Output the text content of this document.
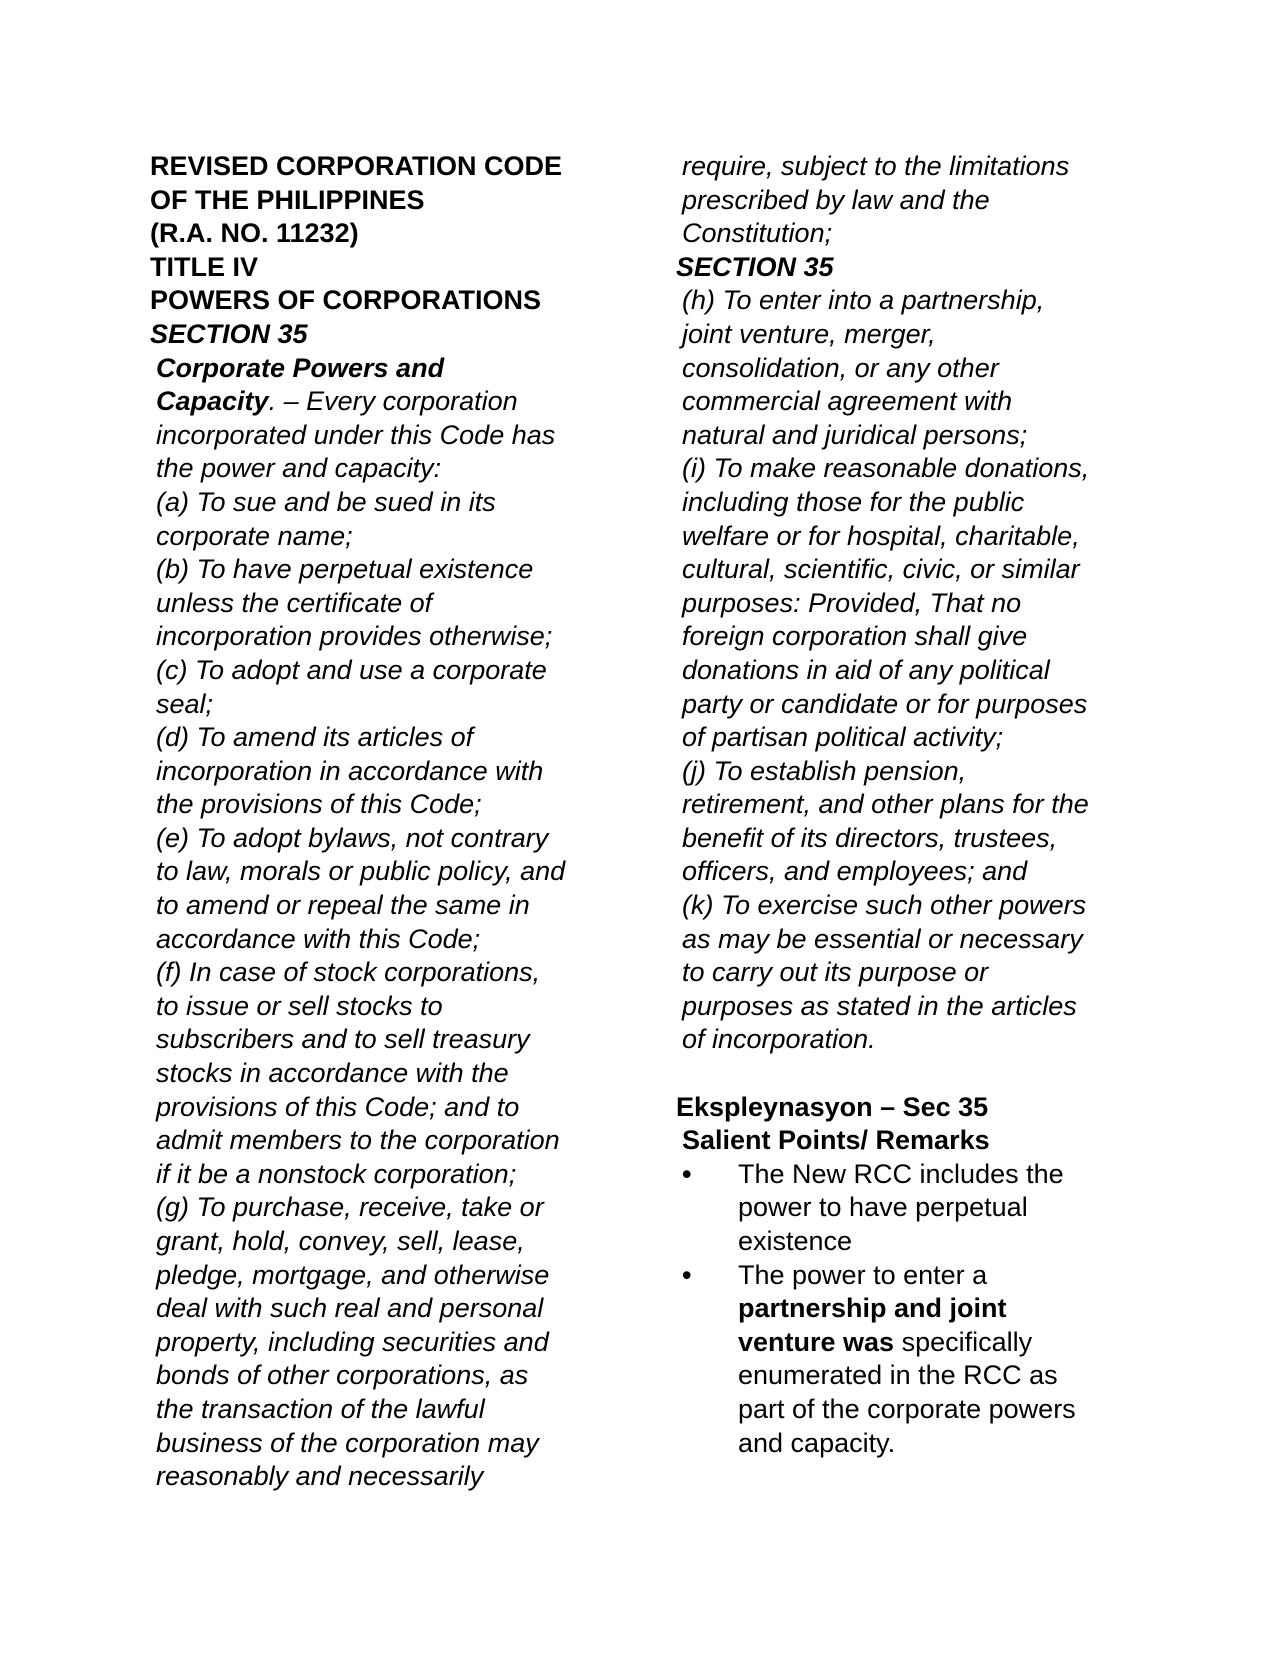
REVISED CORPORATION CODE
OF THE PHILIPPINES
(R.A. NO. 11232)
TITLE IV
POWERS OF CORPORATIONS
SECTION 35
Corporate Powers and
Capacity. – Every corporation
incorporated under this Code has
the power and capacity:
(a) To sue and be sued in its
corporate name;
(b) To have perpetual existence
unless the certificate of
incorporation provides otherwise;
(c) To adopt and use a corporate
seal;
(d) To amend its articles of
incorporation in accordance with
the provisions of this Code;
(e) To adopt bylaws, not contrary
to law, morals or public policy, and
to amend or repeal the same in
accordance with this Code;
(f) In case of stock corporations,
to issue or sell stocks to
subscribers and to sell treasury
stocks in accordance with the
provisions of this Code; and to
admit members to the corporation
if it be a nonstock corporation;
(g) To purchase, receive, take or
grant, hold, convey, sell, lease,
pledge, mortgage, and otherwise
deal with such real and personal
property, including securities and
bonds of other corporations, as
the transaction of the lawful
business of the corporation may
reasonably and necessarily
require, subject to the limitations
prescribed by law and the
Constitution;
SECTION 35
(h) To enter into a partnership,
joint venture, merger,
consolidation, or any other
commercial agreement with
natural and juridical persons;
(i) To make reasonable donations,
including those for the public
welfare or for hospital, charitable,
cultural, scientific, civic, or similar
purposes: Provided, That no
foreign corporation shall give
donations in aid of any political
party or candidate or for purposes
of partisan political activity;
(j) To establish pension,
retirement, and other plans for the
benefit of its directors, trustees,
officers, and employees; and
(k) To exercise such other powers
as may be essential or necessary
to carry out its purpose or
purposes as stated in the articles
of incorporation.
Ekspleynasyon – Sec 35
Salient Points/ Remarks
• The New RCC includes the
power to have perpetual
existence
• The power to enter a
partnership and joint
venture was specifically
enumerated in the RCC as
part of the corporate powers
and capacity.
